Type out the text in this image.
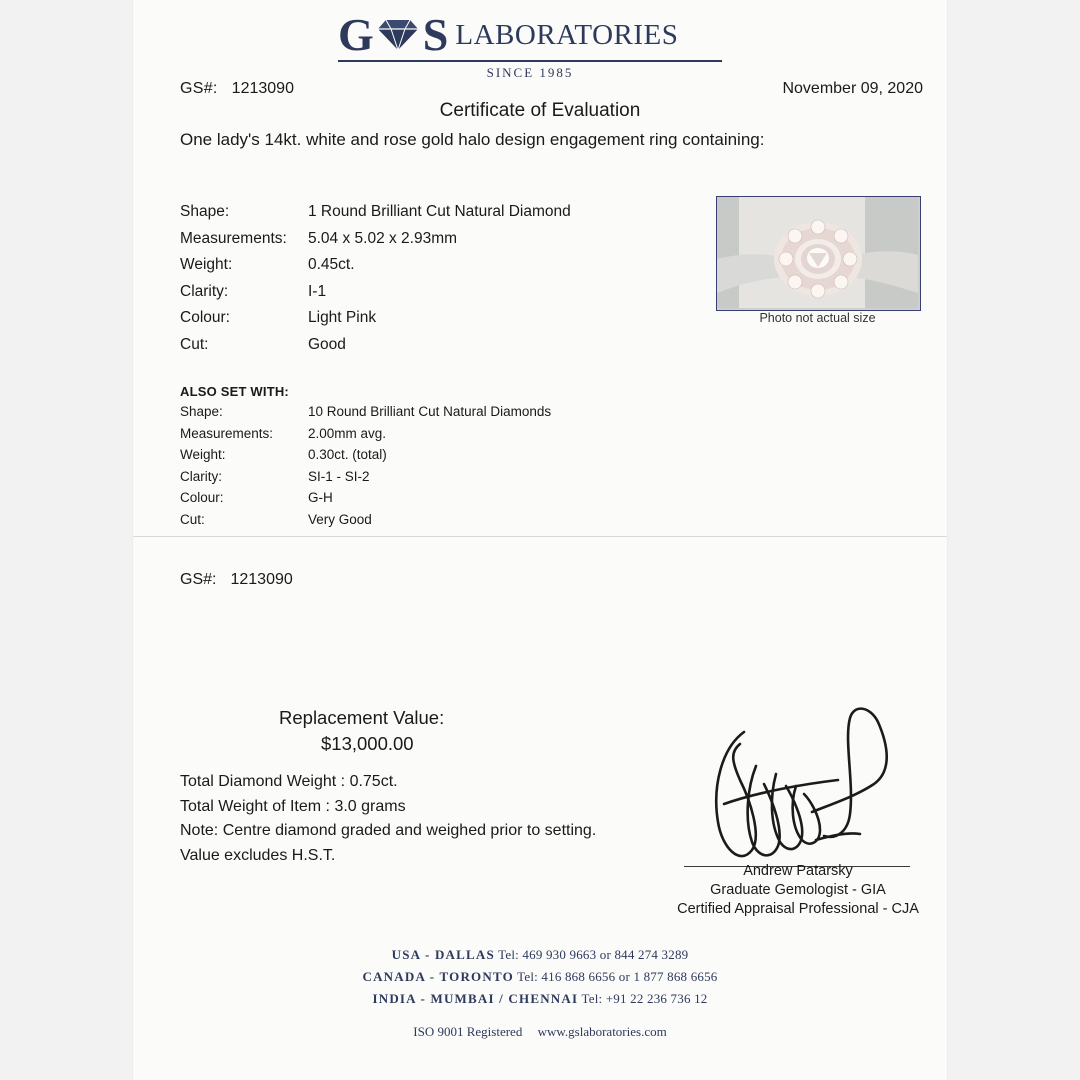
G S LABORATORIES
SINCE 1985
GS#: 1213090	November 09, 2020
Certificate of Evaluation
One lady's 14kt. white and rose gold halo design engagement ring containing:
Shape:	1 Round Brilliant Cut Natural Diamond
Measurements:	5.04 x 5.02 x 2.93mm
Weight:	0.45ct.
Clarity:	I-1
Colour:	Light Pink
Cut:	Good
Photo not actual size
ALSO SET WITH:
Shape:	10 Round Brilliant Cut Natural Diamonds
Measurements:	2.00mm avg.
Weight:	0.30ct. (total)
Clarity:	SI-1 - SI-2
Colour:	G-H
Cut:	Very Good
GS#: 1213090
Replacement Value:
$13,000.00
Total Diamond Weight : 0.75ct.
Total Weight of Item : 3.0 grams
Note: Centre diamond graded and weighed prior to setting.
Value excludes H.S.T.
Andrew Patarsky
Graduate Gemologist - GIA
Certified Appraisal Professional - CJA
USA - DALLAS Tel: 469 930 9663 or 844 274 3289
CANADA - TORONTO Tel: 416 868 6656 or 1 877 868 6656
INDIA - MUMBAI / CHENNAI Tel: +91 22 236 736 12
ISO 9001 Registered www.gslaboratories.com
